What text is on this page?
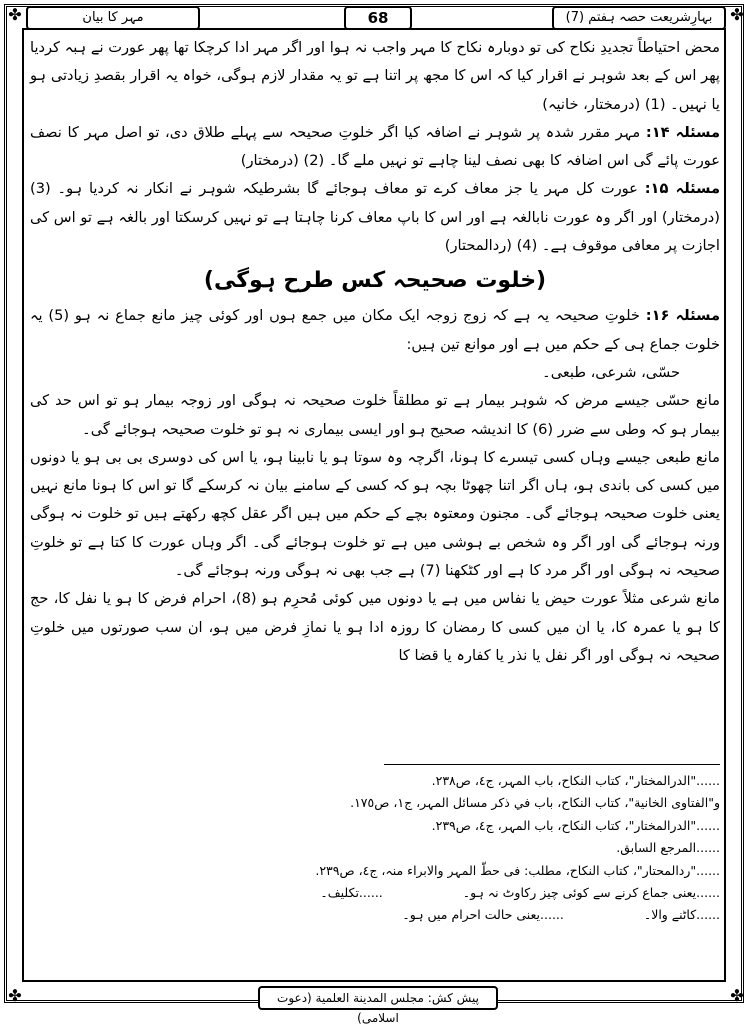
✤	✤
✤	✤
بہارِشریعت حصہ ہفتم (7)
68
مہر کا بیان

محض احتیاطاً تجدیدِ نکاح کی تو دوبارہ نکاح کا مہر واجب نہ ہوا اور اگر مہر ادا کرچکا تھا پھر عورت نے ہبہ کردیا پھر اس کے بعد شوہر نے اقرار کیا کہ اس کا مجھ پر اتنا ہے تو یہ مقدار لازم ہوگی، خواہ یہ اقرار بقصدِ زیادتی ہو یا نہیں۔ (1) (درمختار، خانیہ)

مسئلہ ۱۴: مہر مقرر شدہ پر شوہر نے اضافہ کیا اگر خلوتِ صحیحہ سے پہلے طلاق دی، تو اصل مہر کا نصف عورت پائے گی اس اضافہ کا بھی نصف لینا چاہے تو نہیں ملے گا۔ (2) (درمختار)

مسئلہ ۱۵: عورت کل مہر یا جز معاف کرے تو معاف ہوجائے گا بشرطیکہ شوہر نے انکار نہ کردیا ہو۔ (3) (درمختار) اور اگر وہ عورت نابالغہ ہے اور اس کا باپ معاف کرنا چاہتا ہے تو نہیں کرسکتا اور بالغہ ہے تو اس کی اجازت پر معافی موقوف ہے۔ (4) (ردالمحتار)

(خلوت صحیحہ کس طرح ہوگی)

مسئلہ ۱۶: خلوتِ صحیحہ یہ ہے کہ زوج زوجہ ایک مکان میں جمع ہوں اور کوئی چیز مانع جماع نہ ہو (5) یہ خلوت جماع ہی کے حکم میں ہے اور موانع تین ہیں:

حسّی، شرعی، طبعی۔

مانع حسّی جیسے مرض کہ شوہر بیمار ہے تو مطلقاً خلوت صحیحہ نہ ہوگی اور زوجہ بیمار ہو تو اس حد کی بیمار ہو کہ وطی سے ضرر (6) کا اندیشہ صحیح ہو اور ایسی بیماری نہ ہو تو خلوت صحیحہ ہوجائے گی۔

مانع طبعی جیسے وہاں کسی تیسرے کا ہونا، اگرچہ وہ سوتا ہو یا نابینا ہو، یا اس کی دوسری بی بی ہو یا دونوں میں کسی کی باندی ہو، ہاں اگر اتنا چھوٹا بچہ ہو کہ کسی کے سامنے بیان نہ کرسکے گا تو اس کا ہونا مانع نہیں یعنی خلوت صحیحہ ہوجائے گی۔ مجنون ومعتوہ بچے کے حکم میں ہیں اگر عقل کچھ رکھتے ہیں تو خلوت نہ ہوگی ورنہ ہوجائے گی اور اگر وہ شخص بے ہوشی میں ہے تو خلوت ہوجائے گی۔ اگر وہاں عورت کا کتا ہے تو خلوتِ صحیحہ نہ ہوگی اور اگر مرد کا ہے اور کٹکھنا (7) ہے جب بھی نہ ہوگی ورنہ ہوجائے گی۔

مانع شرعی مثلاً عورت حیض یا نفاس میں ہے یا دونوں میں کوئی مُحرِم ہو (8)، احرام فرض کا ہو یا نفل کا، حج کا ہو یا عمرہ کا، یا ان میں کسی کا رمضان کا روزہ ادا ہو یا نمازِ فرض میں ہو، ان سب صورتوں میں خلوتِ صحیحہ نہ ہوگی اور اگر نفل یا نذر یا کفارہ یا قضا کا

......"الدرالمختار"، کتاب النکاح، باب المہر، ج٤، ص٢٣٨.
و"الفتاوی الخانیة"، کتاب النکاح، باب في ذکر مسائل المہر، ج١، ص١٧٥.
......"الدرالمختار"، کتاب النکاح، باب المہر، ج٤، ص٢٣٩.
......المرجع السابق.
......"ردالمحتار"، کتاب النکاح، مطلب: فی حطّ المہر والابراء منہ، ج٤، ص٢٣٩.
......یعنی جماع کرنے سے کوئی چیز رکاوٹ نہ ہو۔
......تکلیف۔
......کاٹنے والا۔
......یعنی حالت احرام میں ہو۔
پیش کش: مجلس المدینة العلمیة (دعوت اسلامی)
